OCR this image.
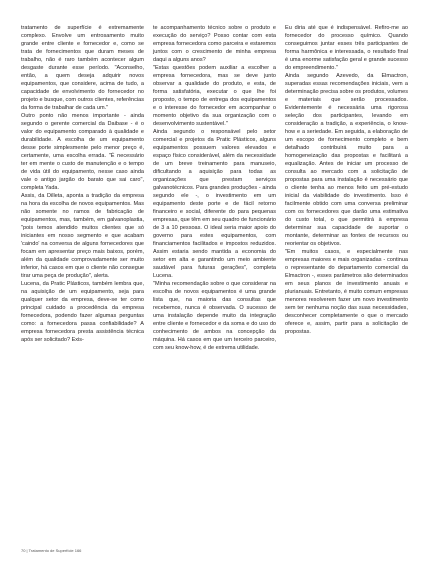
tratamento de superfície é extremamente complexo. Envolve um entrosamento muito grande entre cliente e fornecedor e, como se trata de fornecimentos que duram meses de trabalho, não é raro também acontecer algum desgaste durante esse período. "Aconselho, então, a quem deseja adquirir novos equipamentos, que considere, acima de tudo, a capacidade de envolvimento do fornecedor no projeto e busque, com outros clientes, referências da forma de trabalhar de cada um."

Outro ponto não menos importante - ainda segundo o gerente comercial da Daibase - é o valor do equipamento comparado à qualidade e durabilidade. A escolha de um equipamento desse porte simplesmente pelo menor preço é, certamente, uma escolha errada. "É necessário ter em mente o custo de manutenção e o tempo de vida útil do equipamento, nesse caso ainda vale o antigo jargão do barato que sai caro", completa Yada.

Assis, da Dilleta, aponta a tradição da empresa na hora da escolha de novos equipamentos. Mas não somente no ramos de fabricação de equipamentos, mas, também, em galvanoplastia, "pois temos atendido muitos clientes que só iniciantes em nosso segmento e que acabam 'caindo' na conversa de alguns fornecedores que focam em apresentar preço mais baixos, porém, além da qualidade comprovadamente ser muito inferior, há casos em que o cliente não consegue tirar uma peça de produção", alerta.

Lucena, da Pratic Plásticos, também lembra que, na aquisição de um equipamento, seja para qualquer setor da empresa, deve-se ter como principal cuidado a procedência da empresa fornecedora, podendo fazer algumas perguntas como: a fornecedora passa confiabilidade? A empresa fornecedora presta assistência técnica após ser solicitado? Exis-

te acompanhamento técnico sobre o produto e execução do serviço? Posso contar com esta empresa fornecedora como parceira e estaremos juntos com o crescimento de minha empresa daqui a alguns anos?

"Estas questões podem auxiliar a escolher a empresa fornecedora, mas se deve junto observar a qualidade do produto, e esta, de forma satisfatória, executar o que lhe foi proposto, o tempo de entrega dos equipamentos e o interesse do fornecedor em acompanhar o momento objetivo da sua organização com o desenvolvimento sustentável."

Ainda segundo o responsável pelo setor comercial e projetos da Pratic Plásticos, alguns equipamentos possuem valores elevados e espaço físico considerável, além da necessidade de um breve treinamento para manuseio, dificultando a aquisição para todas as organizações que prestam serviços galvanotécnicos. Para grandes produções - ainda segundo ele -, o investimento em um equipamento deste porte e de fácil retorno financeiro e social, diferente do para pequenas empresas, que têm em seu quadro de funcionário de 3 a 10 pessoas. O ideal seria maior apoio do governo para estes equipamentos, com financiamentos facilitados e impostos reduzidos. Assim estaria sendo mantida a economia do setor em alta e garantindo um meio ambiente saudável para futuras gerações", completa Lucena.

"Minha recomendação sobre o que considerar na escolha de novos equipamentos é uma grande lista que, na maioria das consultas que recebemos, nunca é observada. O sucesso de uma instalação depende muito da integração entre cliente e fornecedor e da soma e do uso do conhecimento de ambos na concepção da máquina. Há casos em que um terceiro parceiro, com seu know-how, é de extrema utilidade.

Eu diria até que é indispensável. Refiro-me ao fornecedor do processo químico. Quando conseguimos juntar esses três participantes de forma harmônica e interessada, o resultado final é uma enorme satisfação geral e grande sucesso do empreendimento."

Ainda segundo Azevedo, da Elmactron, superadas essas recomendações iniciais, vem a determinação precisa sobre os produtos, volumes e materiais que serão processados. Evidentemente é necessária uma rigorosa seleção dos participantes, levando em consideração a tradição, a experiência, o know-how e a seriedade. Em seguida, a elaboração de um escopo de fornecimento completo e bem detalhado contribuirá muito para a homogeneização das propostas e facilitará a equalização. Antes de iniciar um processo de consulta ao mercado com a solicitação de propostas para uma instalação é necessário que o cliente tenha ao menos feito um pré-estudo inicial da viabilidade do investimento. Isso é facilmente obtido com uma conversa preliminar com os fornecedores que darão uma estimativa do custo total, o que permitirá à empresa determinar sua capacidade de suportar o montante, determinar as fontes de recursos ou reorientar os objetivos.

"Em muitos casos, e especialmente nas empresas maiores e mais organizadas - continua o representante do departamento comercial da Elmactron -, esses parâmetros são determinados em seus planos de investimento anuais e plurianuais. Entretanto, é muito comum empresas menores resolverem fazer um novo investimento sem ter nenhuma noção das suas necessidades, desconhecer completamente o que o mercado oferece e, assim, partir para a solicitação de propostas.

70 | Tratamento de Superfície 166
